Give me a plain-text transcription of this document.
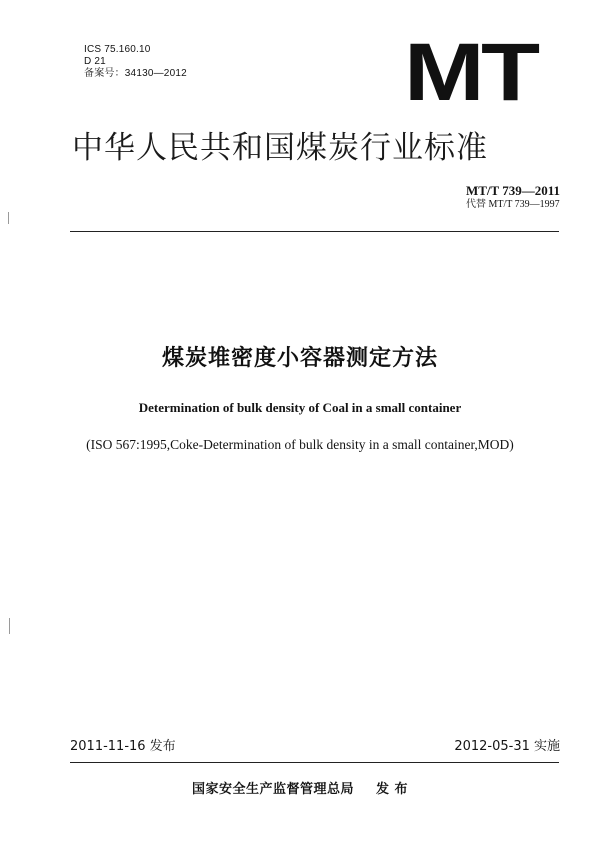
ICS 75.160.10
D 21
备案号：34130—2012	MT
中华人民共和国煤炭行业标准
MT/T 739—2011
代替 MT/T 739—1997
煤炭堆密度小容器测定方法
Determination of bulk density of Coal in a small container
(ISO 567:1995,Coke-Determination of bulk density in a small container,MOD)
2011-11-16 发布	2012-05-31 实施
国家安全生产监督管理总局 发 布
